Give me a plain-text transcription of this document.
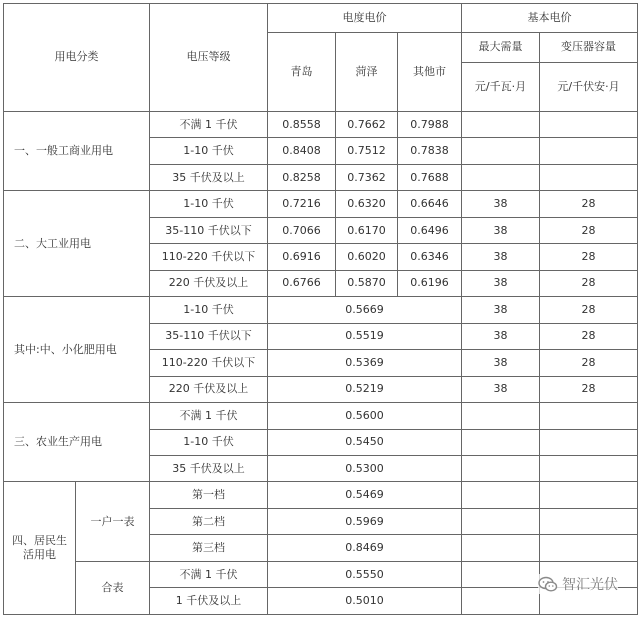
用电分类		电压等级	电度电价			基本电价	
			青岛	菏泽	其他市	最大需量	变压器容量
						元/千瓦·月	元/千伏安·月
一、一般工商业用电		不满 1 千伏	0.8558	0.7662	0.7988		
		1-10 千伏	0.8408	0.7512	0.7838		
		35 千伏及以上	0.8258	0.7362	0.7688		
二、大工业用电		1-10 千伏	0.7216	0.6320	0.6646	38	28
		35-110 千伏以下	0.7066	0.6170	0.6496	38	28
		110-220 千伏以下	0.6916	0.6020	0.6346	38	28
		220 千伏及以上	0.6766	0.5870	0.6196	38	28
其中:中、小化肥用电		1-10 千伏	0.5669			38	28
		35-110 千伏以下	0.5519			38	28
		110-220 千伏以下	0.5369			38	28
		220 千伏及以上	0.5219			38	28
三、农业生产用电		不满 1 千伏	0.5600				
		1-10 千伏	0.5450				
		35 千伏及以上	0.5300				
四、居民生
活用电	一户一表	第一档	0.5469				
		第二档	0.5969				
		第三档	0.8469				
	合表	不满 1 千伏	0.5550				
		1 千伏及以上	0.5010				
智汇光伏
